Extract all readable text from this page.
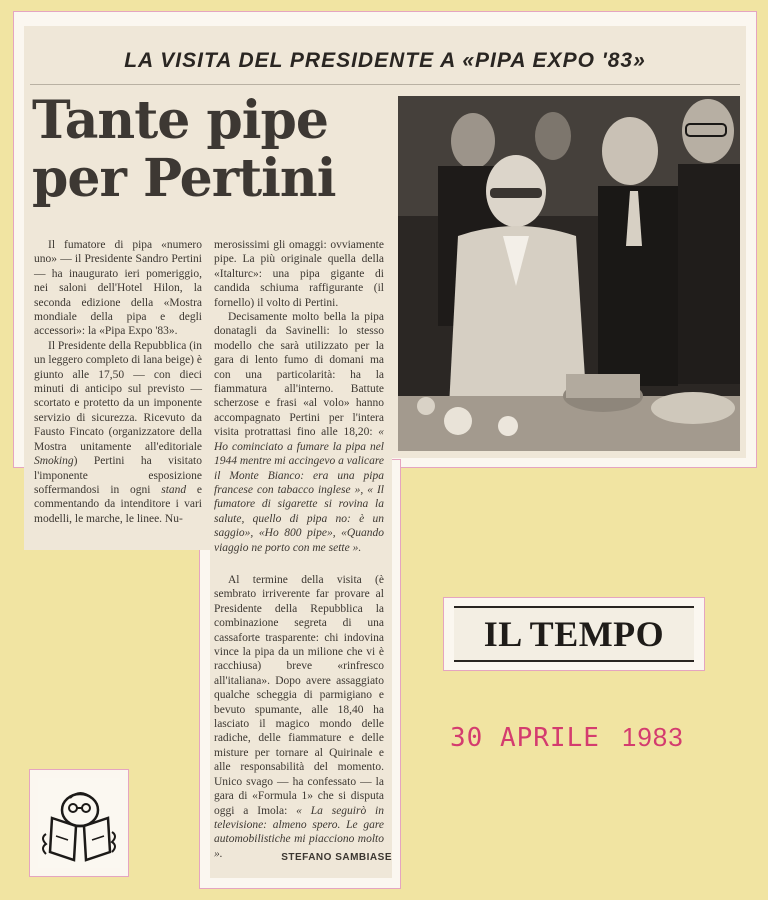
LA VISITA DEL PRESIDENTE A «PIPA EXPO '83»
Tante pipe
per Pertini

Il fumatore di pipa «numero uno» — il Presidente Sandro Pertini — ha inaugurato ieri pomeriggio, nei saloni dell'Hotel Hilon, la seconda edizione della «Mostra mondiale della pipa e degli accessori»: la «Pipa Expo '83».

Il Presidente della Repubblica (in un leggero completo di lana beige) è giunto alle 17,50 — con dieci minuti di anticipo sul previsto — scortato e protetto da un imponente servizio di sicurezza. Ricevuto da Fausto Fincato (organizzatore della Mostra unitamente all'editoriale Smoking) Pertini ha visitato l'imponente esposizione soffermandosi in ogni stand e commentando da intenditore i vari modelli, le marche, le linee. Nu-

merosissimi gli omaggi: ovviamente pipe. La più originale quella della «Italturc»: una pipa gigante di candida schiuma raffigurante (il fornello) il volto di Pertini.

Decisamente molto bella la pipa donatagli da Savinelli: lo stesso modello che sarà utilizzato per la gara di lento fumo di domani ma con una particolarità: ha la fiammatura all'interno. Battute scherzose e frasi «al volo» hanno accompagnato Pertini per l'intera visita protrattasi fino alle 18,20: « Ho cominciato a fumare la pipa nel 1944 mentre mi accingevo a valicare il Monte Bianco: era una pipa francese con tabacco inglese », « Il fumatore di sigarette si rovina la salute, quello di pipa no: è un saggio», «Ho 800 pipe», «Quando viaggio ne porto con me sette ».

Al termine della visita (è sembrato irriverente far provare al Presidente della Repubblica la combinazione segreta di una cassaforte trasparente: chi indovina vince la pipa da un milione che vi è racchiusa) breve «rinfresco all'italiana». Dopo avere assaggiato qualche scheggia di parmigiano e bevuto spumante, alle 18,40 ha lasciato il magico mondo delle radiche, delle fiammature e delle misture per tornare al Quirinale e alle responsabilità del momento. Unico svago — ha confessato — la gara di «Formula 1» che si disputa oggi a Imola: « La seguirò in televisione: almeno spero. Le gare automobilistiche mi piacciono molto ».	STEFANO SAMBIASE
IL TEMPO
30 APRILE 1983
